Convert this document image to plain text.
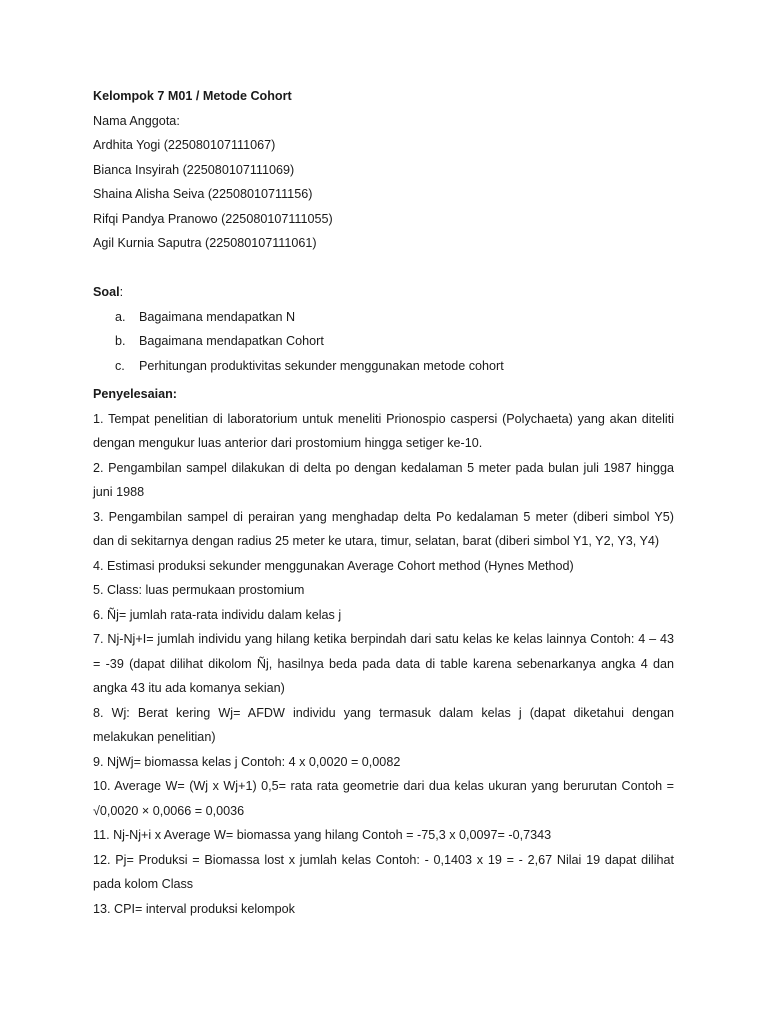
Kelompok 7 M01 / Metode Cohort
Nama Anggota:
Ardhita Yogi (225080107111067)
Bianca Insyirah (225080107111069)
Shaina Alisha Seiva (22508010711156)
Rifqi Pandya Pranowo (225080107111055)
Agil Kurnia Saputra (225080107111061)
Soal:
a. Bagaimana mendapatkan N
b. Bagaimana mendapatkan Cohort
c. Perhitungan produktivitas sekunder menggunakan metode cohort
Penyelesaian:
1. Tempat penelitian di laboratorium untuk meneliti Prionospio caspersi (Polychaeta) yang akan diteliti dengan mengukur luas anterior dari prostomium hingga setiger ke-10.
2. Pengambilan sampel dilakukan di delta po dengan kedalaman 5 meter pada bulan juli 1987 hingga juni 1988
3. Pengambilan sampel di perairan yang menghadap delta Po kedalaman 5 meter (diberi simbol Y5) dan di sekitarnya dengan radius 25 meter ke utara, timur, selatan, barat (diberi simbol Y1, Y2, Y3, Y4)
4. Estimasi produksi sekunder menggunakan Average Cohort method (Hynes Method)
5. Class: luas permukaan prostomium
6. Ñj= jumlah rata-rata individu dalam kelas j
7. Nj-Nj+I= jumlah individu yang hilang ketika berpindah dari satu kelas ke kelas lainnya Contoh: 4 – 43 = -39 (dapat dilihat dikolom Ñj, hasilnya beda pada data di table karena sebenarkanya angka 4 dan angka 43 itu ada komanya sekian)
8. Wj: Berat kering Wj= AFDW individu yang termasuk dalam kelas j (dapat diketahui dengan melakukan penelitian)
9. NjWj= biomassa kelas j Contoh: 4 x 0,0020 = 0,0082
10. Average W= (Wj x Wj+1) 0,5= rata rata geometrie dari dua kelas ukuran yang berurutan Contoh = √0,0020 × 0,0066 = 0,0036
11. Nj-Nj+i x Average W= biomassa yang hilang Contoh = -75,3 x 0,0097= -0,7343
12. Pj= Produksi = Biomassa lost x jumlah kelas Contoh: - 0,1403 x 19 = - 2,67 Nilai 19 dapat dilihat pada kolom Class
13. CPI= interval produksi kelompok
